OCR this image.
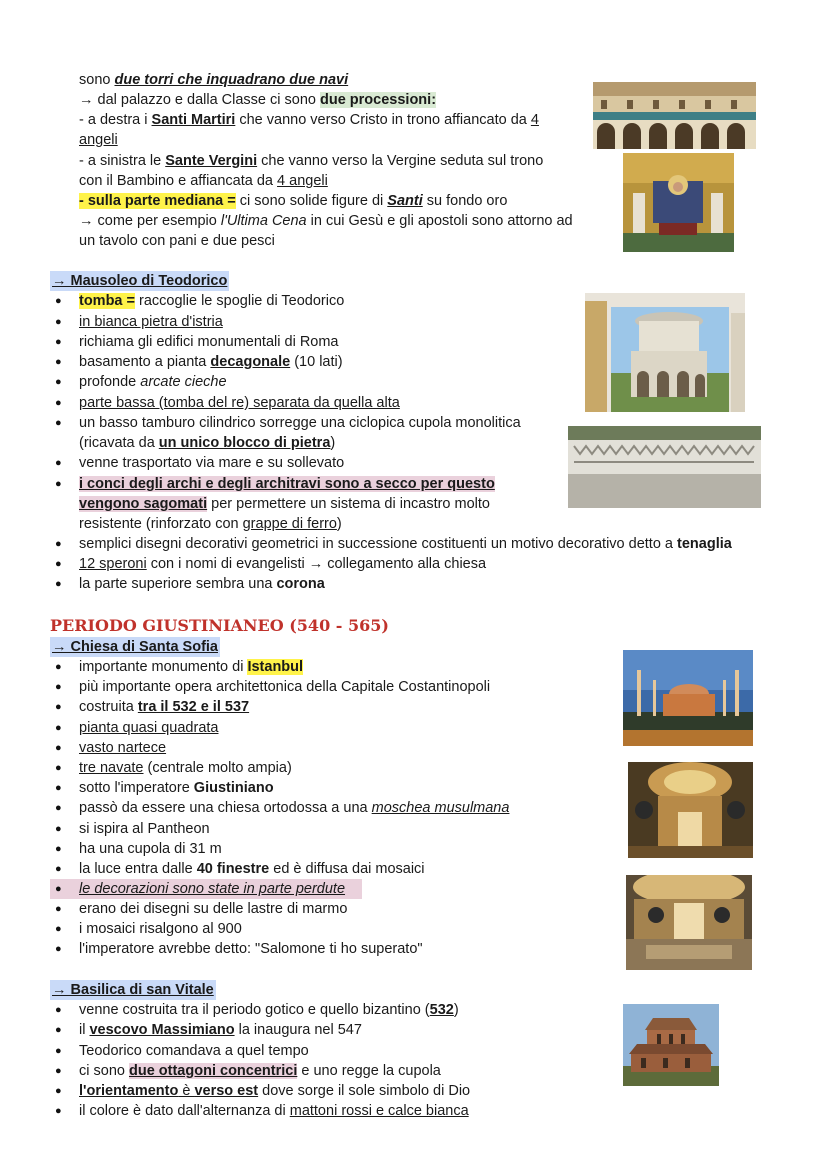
sono due torri che inquadrano due navi
→ dal palazzo e dalla Classe ci sono due processioni:
- a destra i Santi Martiri che vanno verso Cristo in trono affiancato da 4
angeli
- a sinistra le Sante Vergini che vanno verso la Vergine seduta sul trono
con il Bambino e affiancata da 4 angeli
- sulla parte mediana = ci sono solide figure di Santi su fondo oro
→ come per esempio l'Ultima Cena in cui Gesù e gli apostoli sono attorno ad
un tavolo con pani e due pesci
→ Mausoleo di Teodorico
● tomba = raccoglie le spoglie di Teodorico
● in bianca pietra d'istria
● richiama gli edifici monumentali di Roma
● basamento a pianta decagonale (10 lati)
● profonde arcate cieche
● parte bassa (tomba del re) separata da quella alta
● un basso tamburo cilindrico sorregge una ciclopica cupola monolitica
(ricavata da un unico blocco di pietra)
● venne trasportato via mare e su sollevato
● i conci degli archi e degli architravi sono a secco per questo
vengono sagomati per permettere un sistema di incastro molto
resistente (rinforzato con grappe di ferro)
● semplici disegni decorativi geometrici in successione costituenti un motivo decorativo detto a tenaglia
● 12 speroni con i nomi di evangelisti → collegamento alla chiesa
● la parte superiore sembra una corona
PERIODO GIUSTINIANEO (540 - 565)
→ Chiesa di Santa Sofia
● importante monumento di Istanbul
● più importante opera architettonica della Capitale Costantinopoli
● costruita tra il 532 e il 537
● pianta quasi quadrata
● vasto nartece
● tre navate (centrale molto ampia)
● sotto l'imperatore Giustiniano
● passò da essere una chiesa ortodossa a una moschea musulmana
● si ispira al Pantheon
● ha una cupola di 31 m
● la luce entra dalle 40 finestre ed è diffusa dai mosaici
● le decorazioni sono state in parte perdute
● erano dei disegni su delle lastre di marmo
● i mosaici risalgono al 900
● l'imperatore avrebbe detto: "Salomone ti ho superato"
→ Basilica di san Vitale
● venne costruita tra il periodo gotico e quello bizantino (532)
● il vescovo Massimiano la inaugura nel 547
● Teodorico comandava a quel tempo
● ci sono due ottagoni concentrici e uno regge la cupola
● l'orientamento è verso est dove sorge il sole simbolo di Dio
● il colore è dato dall'alternanza di mattoni rossi e calce bianca
